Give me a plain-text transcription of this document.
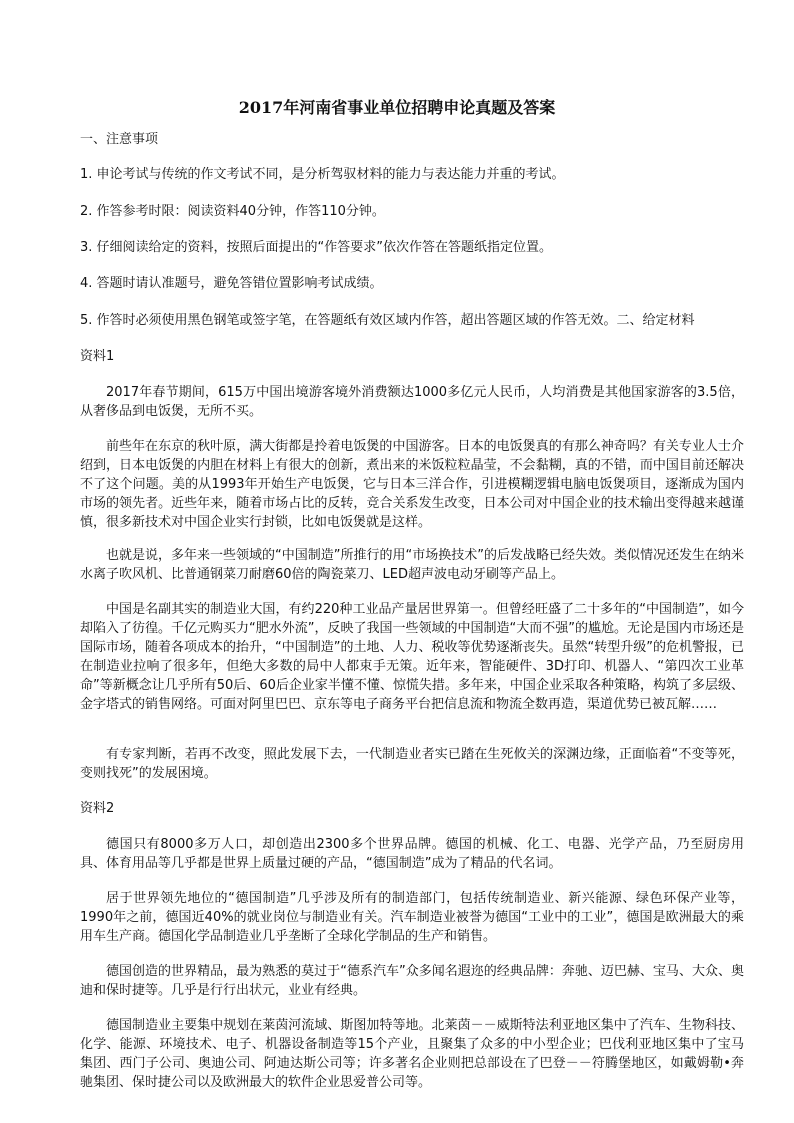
2017年河南省事业单位招聘申论真题及答案

一、注意事项

1. 申论考试与传统的作文考试不同，是分析驾驭材料的能力与表达能力并重的考试。

2. 作答参考时限：阅读资料40分钟，作答110分钟。

3. 仔细阅读给定的资料，按照后面提出的“作答要求”依次作答在答题纸指定位置。

4. 答题时请认准题号，避免答错位置影响考试成绩。

5. 作答时必须使用黑色钢笔或签字笔，在答题纸有效区域内作答，超出答题区域的作答无效。二、给定材料

资料1

2017年春节期间，615万中国出境游客境外消费额达1000多亿元人民币，人均消费是其他国家游客的3.5倍，从奢侈品到电饭煲，无所不买。

前些年在东京的秋叶原，满大街都是拎着电饭煲的中国游客。日本的电饭煲真的有那么神奇吗？有关专业人士介绍到，日本电饭煲的内胆在材料上有很大的创新，煮出来的米饭粒粒晶莹，不会黏糊，真的不错，而中国目前还解决不了这个问题。美的从1993年开始生产电饭煲，它与日本三洋合作，引进模糊逻辑电脑电饭煲项目，逐渐成为国内市场的领先者。近些年来，随着市场占比的反转，竞合关系发生改变，日本公司对中国企业的技术输出变得越来越谨慎，很多新技术对中国企业实行封锁，比如电饭煲就是这样。

也就是说，多年来一些领域的“中国制造”所推行的用“市场换技术”的后发战略已经失效。类似情况还发生在纳米水离子吹风机、比普通钢菜刀耐磨60倍的陶瓷菜刀、LED超声波电动牙刷等产品上。

中国是名副其实的制造业大国，有约220种工业品产量居世界第一。但曾经旺盛了二十多年的“中国制造”，如今却陷入了彷徨。千亿元购买力“肥水外流”，反映了我国一些领域的中国制造“大而不强”的尴尬。无论是国内市场还是国际市场，随着各项成本的抬升，“中国制造”的土地、人力、税收等优势逐渐丧失。虽然“转型升级”的危机警报，已在制造业拉响了很多年，但绝大多数的局中人都束手无策。近年来，智能硬件、3D打印、机器人、“第四次工业革命”等新概念让几乎所有50后、60后企业家半懂不懂、惊慌失措。多年来，中国企业采取各种策略，构筑了多层级、金字塔式的销售网络。可面对阿里巴巴、京东等电子商务平台把信息流和物流全数再造，渠道优势已被瓦解……

有专家判断，若再不改变，照此发展下去，一代制造业者实已踏在生死攸关的深渊边缘，正面临着“不变等死，变则找死”的发展困境。

资料2

德国只有8000多万人口，却创造出2300多个世界品牌。德国的机械、化工、电器、光学产品，乃至厨房用具、体育用品等几乎都是世界上质量过硬的产品，“德国制造”成为了精品的代名词。

居于世界领先地位的“德国制造”几乎涉及所有的制造部门，包括传统制造业、新兴能源、绿色环保产业等，1990年之前，德国近40%的就业岗位与制造业有关。汽车制造业被誉为德国“工业中的工业”，德国是欧洲最大的乘用车生产商。德国化学品制造业几乎垄断了全球化学制品的生产和销售。

德国创造的世界精品，最为熟悉的莫过于“德系汽车”众多闻名遐迩的经典品牌：奔驰、迈巴赫、宝马、大众、奥迪和保时捷等。几乎是行行出状元，业业有经典。

德国制造业主要集中规划在莱茵河流域、斯图加特等地。北莱茵－－威斯特法利亚地区集中了汽车、生物科技、化学、能源、环境技术、电子、机器设备制造等15个产业，且聚集了众多的中小型企业；巴伐利亚地区集中了宝马集团、西门子公司、奥迪公司、阿迪达斯公司等；许多著名企业则把总部设在了巴登－－符腾堡地区，如戴姆勒•奔驰集团、保时捷公司以及欧洲最大的软件企业思爱普公司等。
